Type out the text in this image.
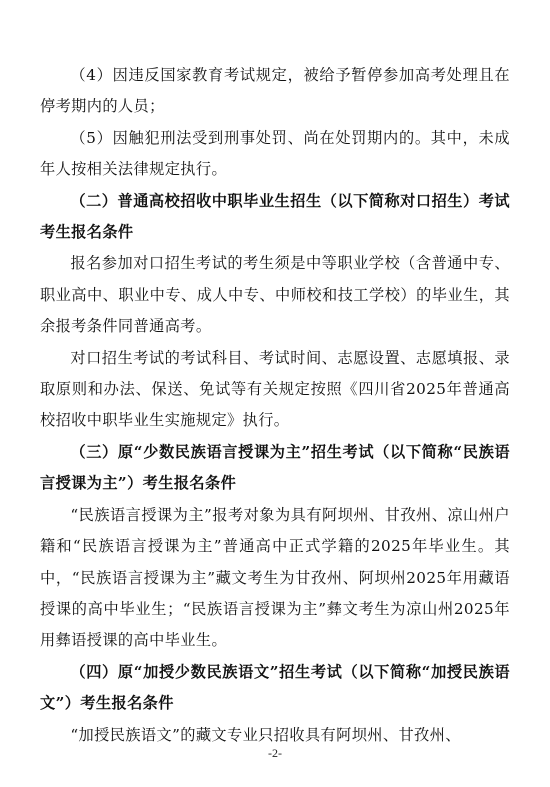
（4）因违反国家教育考试规定，被给予暂停参加高考处理且在停考期内的人员；

（5）因触犯刑法受到刑事处罚、尚在处罚期内的。其中，未成年人按相关法律规定执行。

（二）普通高校招收中职毕业生招生（以下简称对口招生）考试考生报名条件

报名参加对口招生考试的考生须是中等职业学校（含普通中专、职业高中、职业中专、成人中专、中师校和技工学校）的毕业生，其余报考条件同普通高考。

对口招生考试的考试科目、考试时间、志愿设置、志愿填报、录取原则和办法、保送、免试等有关规定按照《四川省2025年普通高校招收中职毕业生实施规定》执行。

（三）原“少数民族语言授课为主”招生考试（以下简称“民族语言授课为主”）考生报名条件

“民族语言授课为主”报考对象为具有阿坝州、甘孜州、凉山州户籍和“民族语言授课为主”普通高中正式学籍的2025年毕业生。其中，“民族语言授课为主”藏文考生为甘孜州、阿坝州2025年用藏语授课的高中毕业生；“民族语言授课为主”彝文考生为凉山州2025年用彝语授课的高中毕业生。

（四）原“加授少数民族语文”招生考试（以下简称“加授民族语文”）考生报名条件

“加授民族语文”的藏文专业只招收具有阿坝州、甘孜州、

-2-
